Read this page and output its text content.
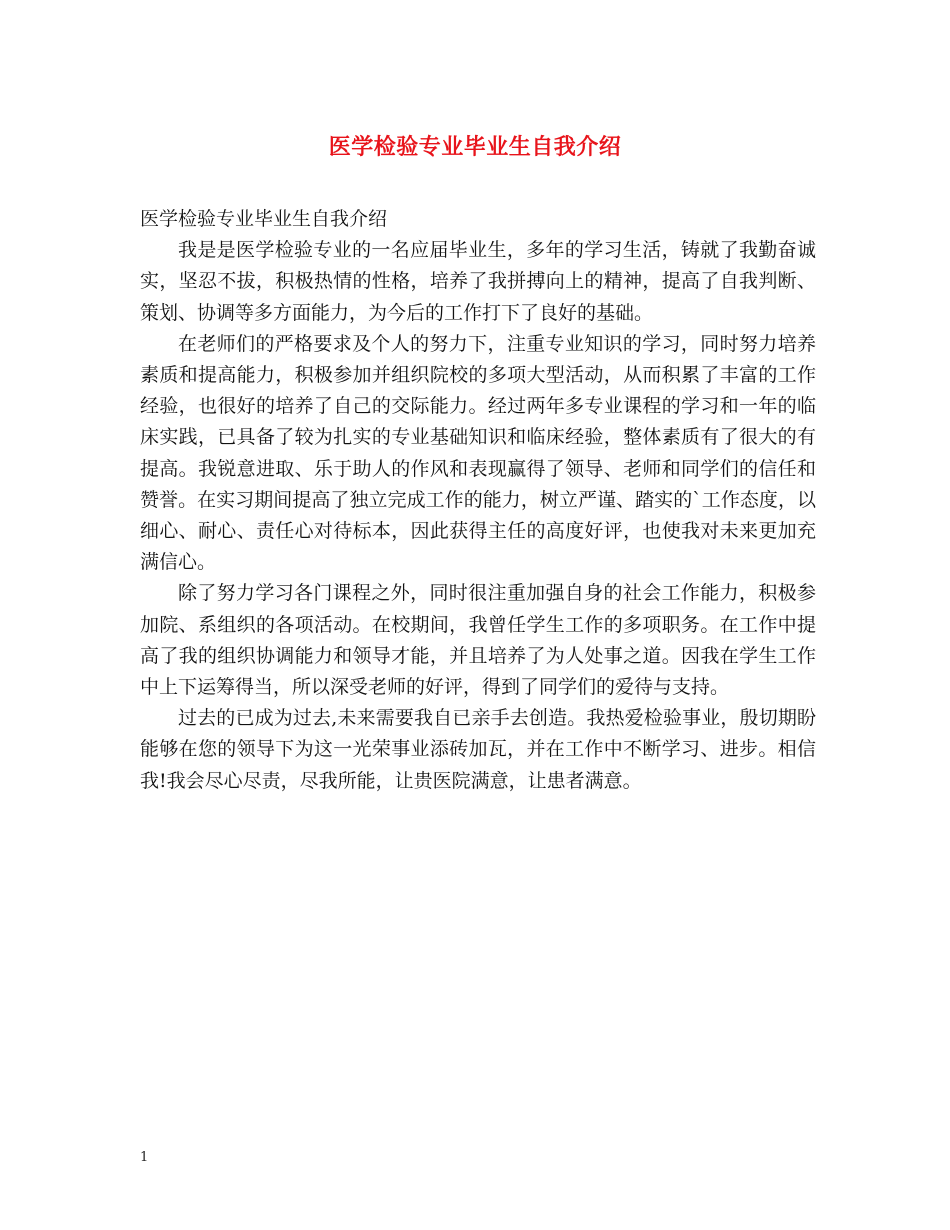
医学检验专业毕业生自我介绍

医学检验专业毕业生自我介绍

我是是医学检验专业的一名应届毕业生，多年的学习生活，铸就了我勤奋诚实，坚忍不拔，积极热情的性格，培养了我拼搏向上的精神，提高了自我判断、策划、协调等多方面能力，为今后的工作打下了良好的基础。

在老师们的严格要求及个人的努力下，注重专业知识的学习，同时努力培养素质和提高能力，积极参加并组织院校的多项大型活动，从而积累了丰富的工作经验，也很好的培养了自己的交际能力。经过两年多专业课程的学习和一年的临床实践，已具备了较为扎实的专业基础知识和临床经验，整体素质有了很大的有提高。我锐意进取、乐于助人的作风和表现赢得了领导、老师和同学们的信任和赞誉。在实习期间提高了独立完成工作的能力，树立严谨、踏实的`工作态度，以细心、耐心、责任心对待标本，因此获得主任的高度好评，也使我对未来更加充满信心。

除了努力学习各门课程之外，同时很注重加强自身的社会工作能力，积极参加院、系组织的各项活动。在校期间，我曾任学生工作的多项职务。在工作中提高了我的组织协调能力和领导才能，并且培养了为人处事之道。因我在学生工作中上下运筹得当，所以深受老师的好评，得到了同学们的爱待与支持。

过去的已成为过去,未来需要我自已亲手去创造。我热爱检验事业，殷切期盼能够在您的领导下为这一光荣事业添砖加瓦，并在工作中不断学习、进步。相信我!我会尽心尽责，尽我所能，让贵医院满意，让患者满意。

1
